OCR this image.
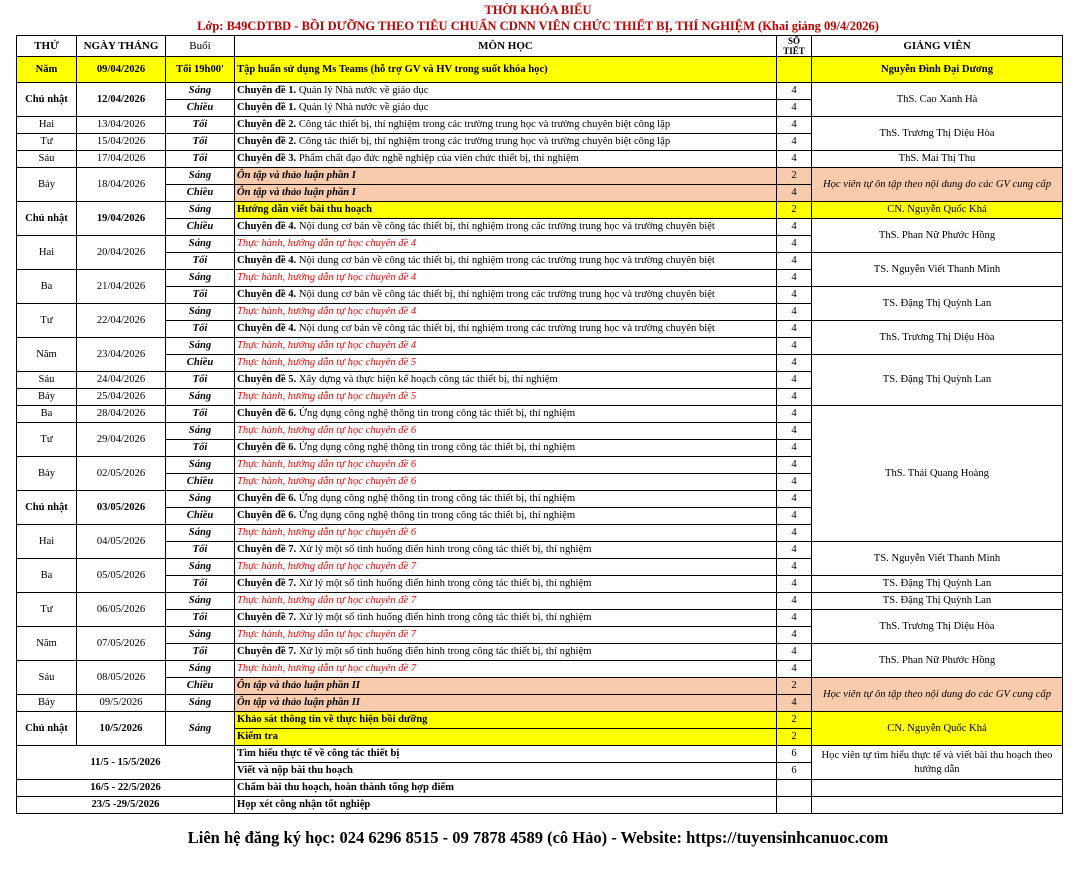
THỜI KHÓA BIỂU
Lớp: B49CDTBD - BỒI DƯỠNG THEO TIÊU CHUẨN CDNN VIÊN CHỨC THIẾT BỊ, THÍ NGHIỆM (Khai giảng 09/4/2026)
THỨ	NGÀY THÁNG	Buổi	MÔN HỌC	SỐ TIẾT	GIẢNG VIÊN
Năm	09/04/2026	Tối 19h00'	Tập huấn sử dụng Ms Teams (hỗ trợ GV và HV trong suốt khóa học)		Nguyễn Đình Đại Dương
Chủ nhật	12/04/2026	Sáng	Chuyên đề 1. Quản lý Nhà nước về giáo dục	4	ThS. Cao Xanh Hà
		Chiều	Chuyên đề 1. Quản lý Nhà nước về giáo dục	4	
Hai	13/04/2026	Tối	Chuyên đề 2. Công tác thiết bị, thí nghiệm trong các trường trung học và trường chuyên biệt công lập	4	ThS. Trương Thị Diệu Hòa
Tư	15/04/2026	Tối	Chuyên đề 2. Công tác thiết bị, thí nghiệm trong các trường trung học và trường chuyên biệt công lập	4	
Sáu	17/04/2026	Tối	Chuyên đề 3. Phẩm chất đạo đức nghề nghiệp của viên chức thiết bị, thí nghiệm	4	ThS. Mai Thị Thu
Bảy	18/04/2026	Sáng	Ôn tập và thảo luận phần I	2	Học viên tự ôn tập theo nội dung do các GV cung cấp
		Chiều	Ôn tập và thảo luận phần I	4	
Chủ nhật	19/04/2026	Sáng	Hướng dẫn viết bài thu hoạch	2	CN. Nguyễn Quốc Khá
		Chiều	Chuyên đề 4. Nội dung cơ bản về công tác thiết bị, thí nghiệm trong các trường trung học và trường chuyên biệt	4	ThS. Phan Nữ Phước Hồng
Hai	20/04/2026	Sáng	Thực hành, hướng dẫn tự học chuyên đề 4	4	
		Tối	Chuyên đề 4. Nội dung cơ bản về công tác thiết bị, thí nghiệm trong các trường trung học và trường chuyên biệt	4	TS. Nguyễn Viết Thanh Minh
Ba	21/04/2026	Sáng	Thực hành, hướng dẫn tự học chuyên đề 4	4	
		Tối	Chuyên đề 4. Nội dung cơ bản về công tác thiết bị, thí nghiệm trong các trường trung học và trường chuyên biệt	4	TS. Đặng Thị Quỳnh Lan
Tư	22/04/2026	Sáng	Thực hành, hướng dẫn tự học chuyên đề 4	4	
		Tối	Chuyên đề 4. Nội dung cơ bản về công tác thiết bị, thí nghiệm trong các trường trung học và trường chuyên biệt	4	ThS. Trương Thị Diệu Hòa
Năm	23/04/2026	Sáng	Thực hành, hướng dẫn tự học chuyên đề 4	4	
		Chiều	Thực hành, hướng dẫn tự học chuyên đề 5	4	TS. Đặng Thị Quỳnh Lan
Sáu	24/04/2026	Tối	Chuyên đề 5. Xây dựng và thực hiện kế hoạch công tác thiết bị, thí nghiệm	4	
Bảy	25/04/2026	Sáng	Thực hành, hướng dẫn tự học chuyên đề 5	4	
Ba	28/04/2026	Tối	Chuyên đề 6. Ứng dụng công nghệ thông tin trong công tác thiết bị, thí nghiệm	4	ThS. Thái Quang Hoàng
Tư	29/04/2026	Sáng	Thực hành, hướng dẫn tự học chuyên đề 6	4	
		Tối	Chuyên đề 6. Ứng dụng công nghệ thông tin trong công tác thiết bị, thí nghiệm	4	
Bảy	02/05/2026	Sáng	Thực hành, hướng dẫn tự học chuyên đề 6	4	
		Chiều	Thực hành, hướng dẫn tự học chuyên đề 6	4	
Chủ nhật	03/05/2026	Sáng	Chuyên đề 6. Ứng dụng công nghệ thông tin trong công tác thiết bị, thí nghiệm	4	
		Chiều	Chuyên đề 6. Ứng dụng công nghệ thông tin trong công tác thiết bị, thí nghiệm	4	
Hai	04/05/2026	Sáng	Thực hành, hướng dẫn tự học chuyên đề 6	4	
		Tối	Chuyên đề 7. Xử lý một số tình huống điển hình trong công tác thiết bị, thí nghiệm	4	TS. Nguyễn Viết Thanh Minh
Ba	05/05/2026	Sáng	Thực hành, hướng dẫn tự học chuyên đề 7	4	
		Tối	Chuyên đề 7. Xử lý một số tình huống điển hình trong công tác thiết bị, thí nghiệm	4	TS. Đặng Thị Quỳnh Lan
Tư	06/05/2026	Sáng	Thực hành, hướng dẫn tự học chuyên đề 7	4	TS. Đặng Thị Quỳnh Lan
		Tối	Chuyên đề 7. Xử lý một số tình huống điển hình trong công tác thiết bị, thí nghiệm	4	ThS. Trương Thị Diệu Hòa
Năm	07/05/2026	Sáng	Thực hành, hướng dẫn tự học chuyên đề 7	4	
		Tối	Chuyên đề 7. Xử lý một số tình huống điển hình trong công tác thiết bị, thí nghiệm	4	ThS. Phan Nữ Phước Hồng
Sáu	08/05/2026	Sáng	Thực hành, hướng dẫn tự học chuyên đề 7	4	
		Chiều	Ôn tập và thảo luận phần II	2	Học viên tự ôn tập theo nội dung do các GV cung cấp
Bảy	09/5/2026	Sáng	Ôn tập và thảo luận phần II	4	
Chủ nhật	10/5/2026	Sáng	Khảo sát thông tin về thực hiện bồi dưỡng	2	CN. Nguyễn Quốc Khá
			Kiểm tra	2	
11/5 - 15/5/2026			Tìm hiểu thực tế về công tác thiết bị	6	Học viên tự tìm hiểu thực tế và viết bài thu hoạch theo hướng dẫn
			Viết và nộp bài thu hoạch	6	
16/5 - 22/5/2026			Chấm bài thu hoạch, hoàn thành tổng hợp điểm		
23/5 -29/5/2026			Họp xét công nhận tốt nghiệp		
Liên hệ đăng ký học: 024 6296 8515 - 09 7878 4589 (cô Hảo) - Website: https://tuyensinhcanuoc.com
